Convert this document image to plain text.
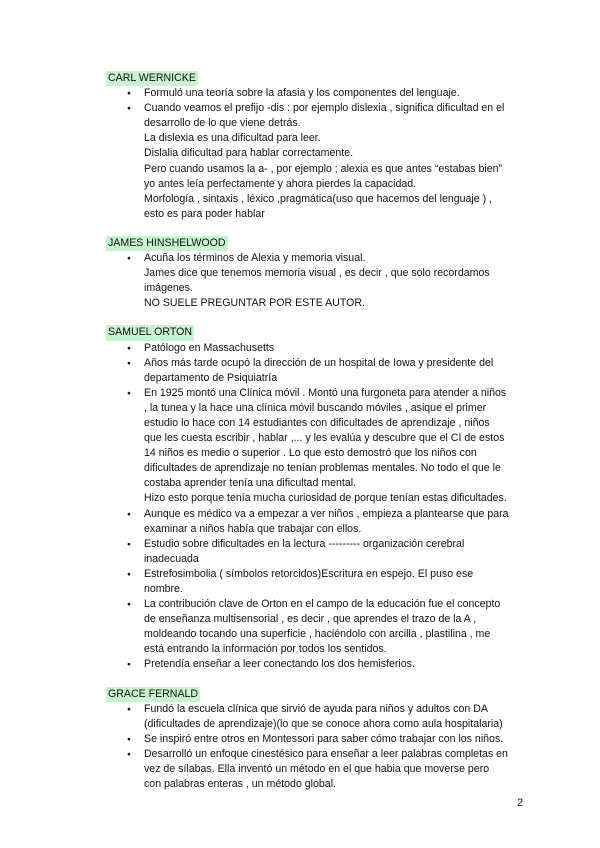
CARL WERNICKE
● Formuló una teoría sobre la afasia y los componentes del lenguaje.
● Cuando veamos el prefijo -dis : por ejemplo dislexia , significa dificultad en el
desarrollo de lo que viene detrás.
La dislexia es una dificultad para leer.
Dislalia dificultad para hablar correctamente.
Pero cuando usamos la a- , por ejemplo ; alexia es que antes “estabas bien”
yo antes leía perfectamente y ahora pierdes la capacidad.
Morfología , sintaxis , léxico ,pragmática(uso que hacemos del lenguaje ) ,
esto es para poder hablar
JAMES HINSHELWOOD
● Acuña los términos de Alexia y memoria visual.
James dice que tenemos memoria visual , es decir , que solo recordamos
imágenes.
NO SUELE PREGUNTAR POR ESTE AUTOR.
SAMUEL ORTON
● Patólogo en Massachusetts
● Años más tarde ocupó la dirección de un hospital de Iowa y presidente del
departamento de Psiquiatría
● En 1925 montó una Clínica móvil . Montó una furgoneta para atender a niños
, la tunea y la hace una clínica móvil buscando móviles , asique el primer
estudio lo hace con 14 estudiantes con dificultades de aprendizaje , niños
que les cuesta escribir , hablar ,... y les evalúa y descubre que el CI de estos
14 niños es medio o superior . Lo que esto demostró que los niños con
dificultades de aprendizaje no tenían problemas mentales. No todo el que le
costaba aprender tenía una dificultad mental.
Hizo esto porque tenía mucha curiosidad de porque tenían estas dificultades.
● Aunque es médico va a empezar a ver niños , empieza a plantearse que para
examinar a niños había que trabajar con ellos.
● Estudio sobre dificultades en la lectura --------- organización cerebral
inadecuada
● Estrefosimbolia ( símbolos retorcidos)Escritura en espejo. El puso ese
nombre.
● La contribución clave de Orton en el campo de la educación fue el concepto
de enseñanza multisensorial , es decir , que aprendes el trazo de la A ,
moldeando tocando una superficie , haciéndolo con arcilla , plastilina , me
está entrando la información por todos los sentidos.
● Pretendía enseñar a leer conectando los dos hemisferios.
GRACE FERNALD
● Fundó la escuela clínica que sirvió de ayuda para niños y adultos con DA
(dificultades de aprendizaje)(lo que se conoce ahora como aula hospitalaria)
● Se inspiró entre otros en Montessori para saber cómo trabajar con los niños.
● Desarrolló un enfoque cinestésico para enseñar a leer palabras completas en
vez de sílabas. Ella inventó un método en el que habia que moverse pero
con palabras enteras , un método global.
2
